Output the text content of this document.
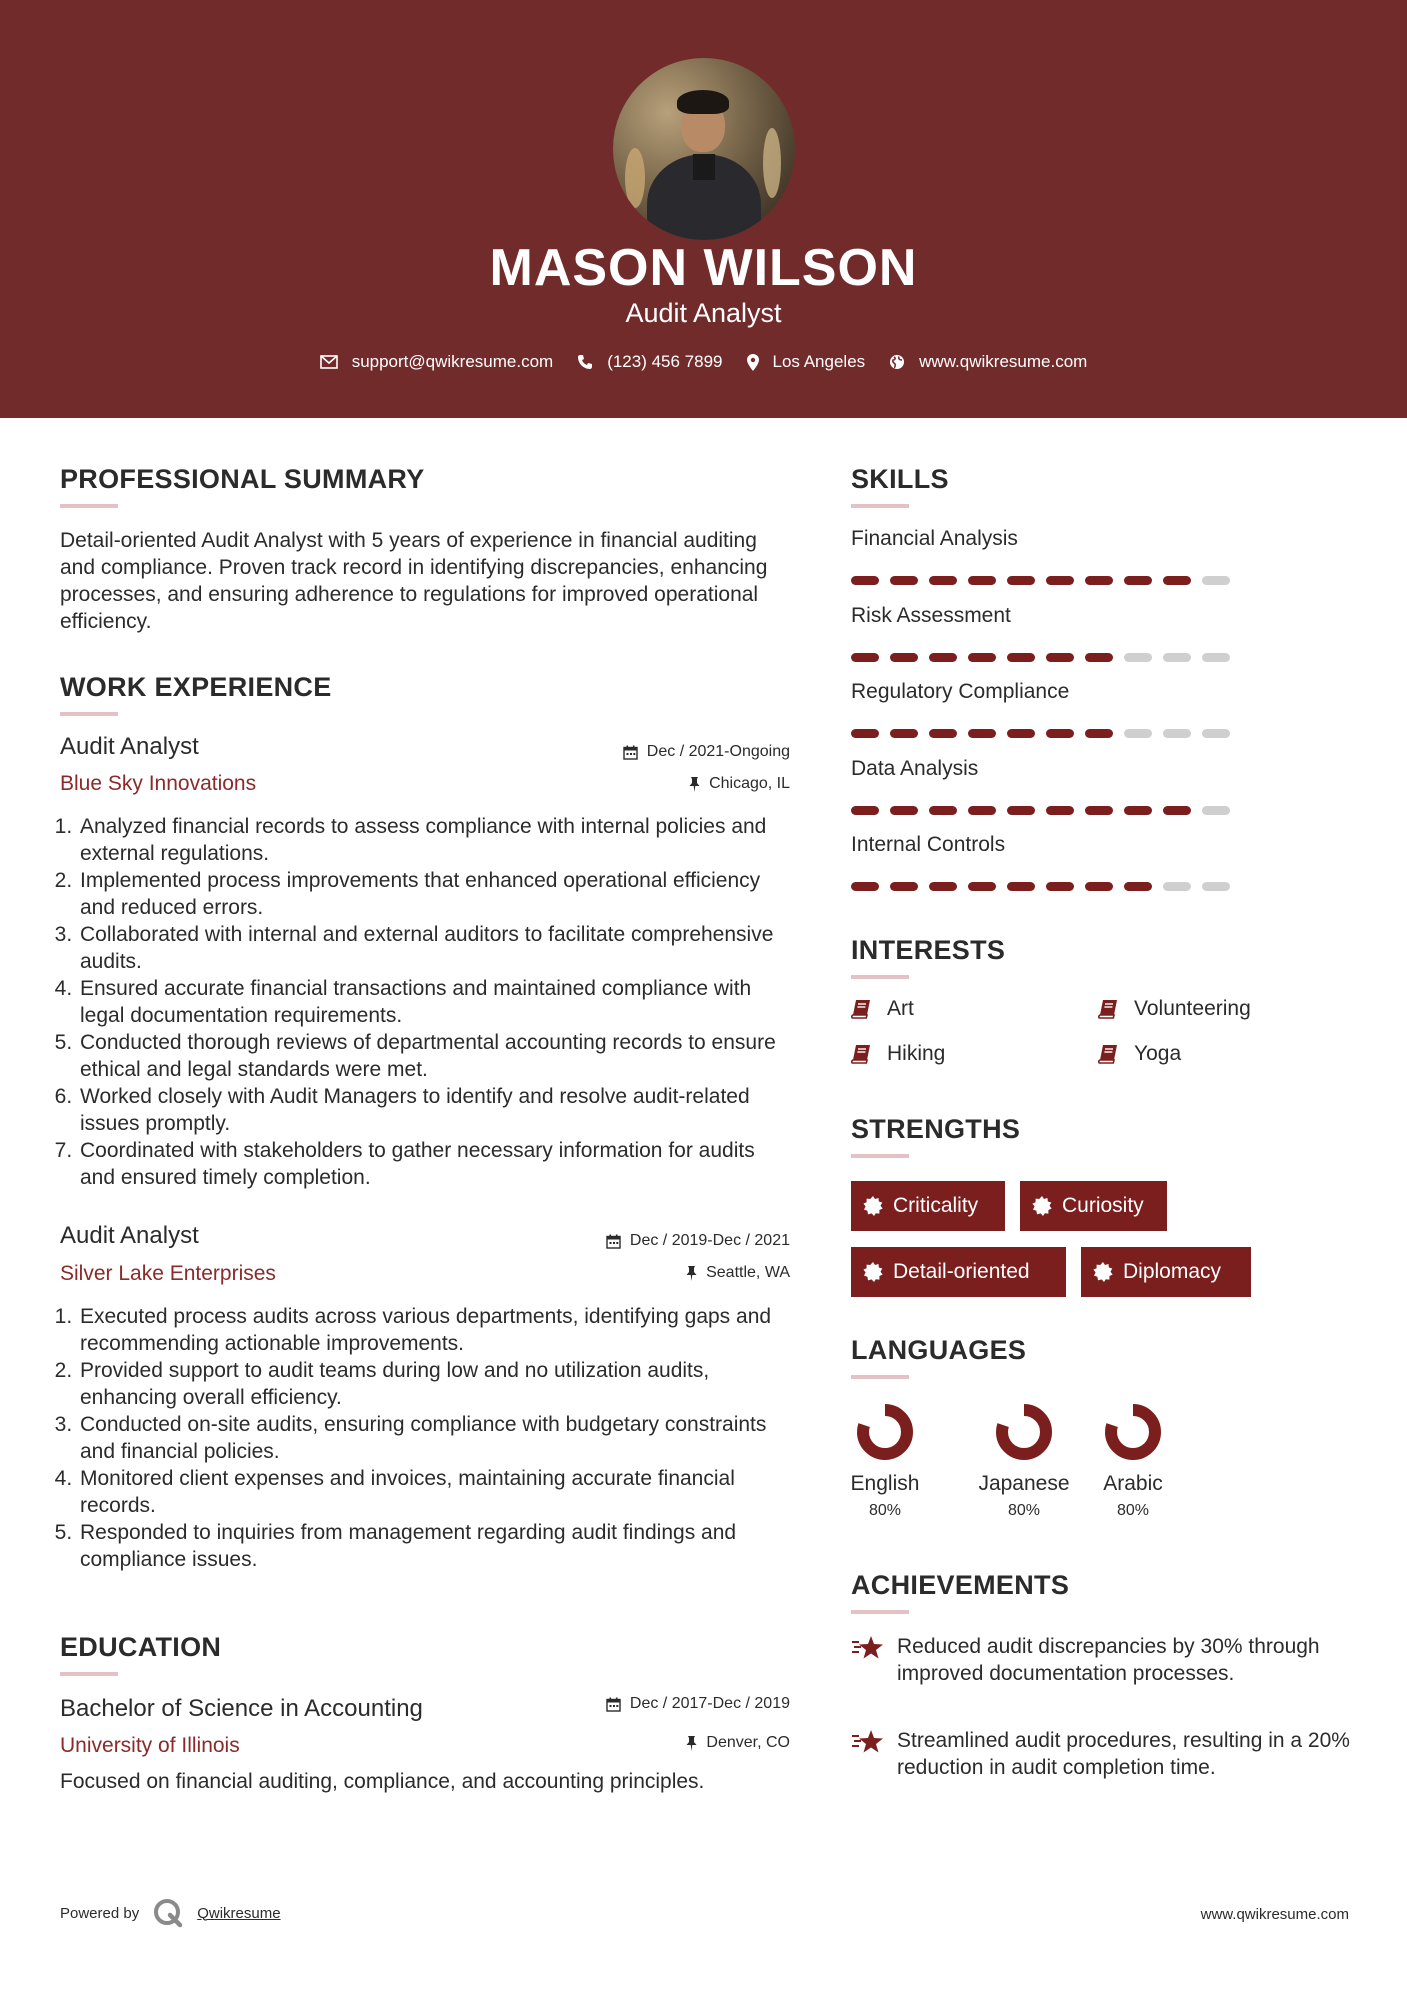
MASON WILSON
Audit Analyst
support@qwikresume.com	(123) 456 7899	Los Angeles	www.qwikresume.com
PROFESSIONAL SUMMARY
Detail-oriented Audit Analyst with 5 years of experience in financial auditing and compliance. Proven track record in identifying discrepancies, enhancing processes, and ensuring adherence to regulations for improved operational efficiency.
WORK EXPERIENCE
Audit Analyst	Dec / 2021-Ongoing
Blue Sky Innovations	Chicago, IL
1. Analyzed financial records to assess compliance with internal policies and external regulations.
2. Implemented process improvements that enhanced operational efficiency and reduced errors.
3. Collaborated with internal and external auditors to facilitate comprehensive audits.
4. Ensured accurate financial transactions and maintained compliance with legal documentation requirements.
5. Conducted thorough reviews of departmental accounting records to ensure ethical and legal standards were met.
6. Worked closely with Audit Managers to identify and resolve audit-related issues promptly.
7. Coordinated with stakeholders to gather necessary information for audits and ensured timely completion.
Audit Analyst	Dec / 2019-Dec / 2021
Silver Lake Enterprises	Seattle, WA
1. Executed process audits across various departments, identifying gaps and recommending actionable improvements.
2. Provided support to audit teams during low and no utilization audits, enhancing overall efficiency.
3. Conducted on-site audits, ensuring compliance with budgetary constraints and financial policies.
4. Monitored client expenses and invoices, maintaining accurate financial records.
5. Responded to inquiries from management regarding audit findings and compliance issues.
EDUCATION
Bachelor of Science in Accounting	Dec / 2017-Dec / 2019
University of Illinois	Denver, CO
Focused on financial auditing, compliance, and accounting principles.
SKILLS
Financial Analysis
Risk Assessment
Regulatory Compliance
Data Analysis
Internal Controls
INTERESTS
Art	Volunteering
Hiking	Yoga
STRENGTHS
Criticality	Curiosity
Detail-oriented	Diplomacy
LANGUAGES
English
80%
Japanese
80%
Arabic
80%
ACHIEVEMENTS
Reduced audit discrepancies by 30% through improved documentation processes.
Streamlined audit procedures, resulting in a 20% reduction in audit completion time.
Powered by	Qwikresume	www.qwikresume.com
